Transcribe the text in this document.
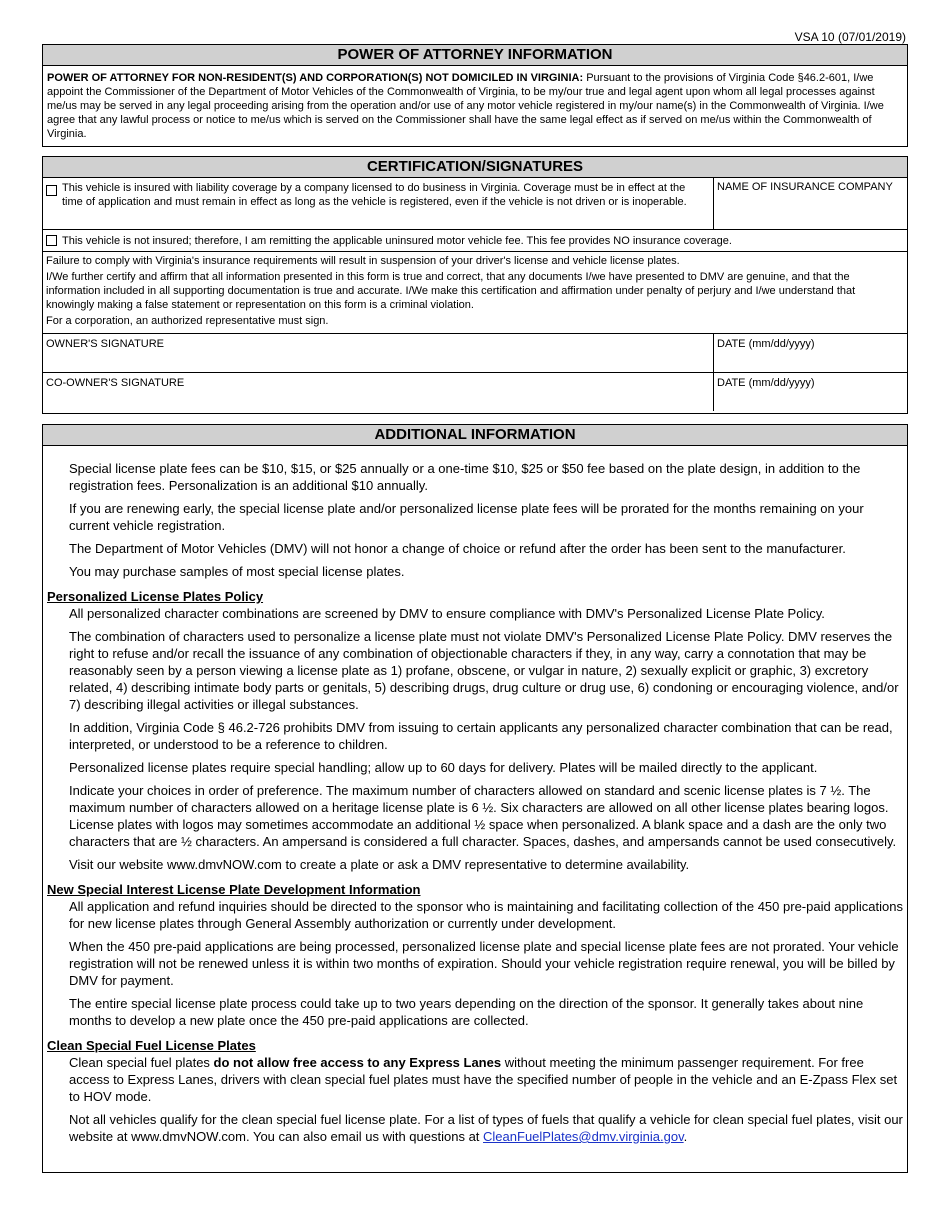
VSA 10 (07/01/2019)
POWER OF ATTORNEY INFORMATION
POWER OF ATTORNEY FOR NON-RESIDENT(S) AND CORPORATION(S) NOT DOMICILED IN VIRGINIA: Pursuant to the provisions of Virginia Code §46.2-601, I/we appoint the Commissioner of the Department of Motor Vehicles of the Commonwealth of Virginia, to be my/our true and legal agent upon whom all legal processes against me/us may be served in any legal proceeding arising from the operation and/or use of any motor vehicle registered in my/our name(s) in the Commonwealth of Virginia. I/we agree that any lawful process or notice to me/us which is served on the Commissioner shall have the same legal effect as if served on me/us within the Commonwealth of Virginia.
CERTIFICATION/SIGNATURES
This vehicle is insured with liability coverage by a company licensed to do business in Virginia. Coverage must be in effect at the time of application and must remain in effect as long as the vehicle is registered, even if the vehicle is not driven or is inoperable.
NAME OF INSURANCE COMPANY
This vehicle is not insured; therefore, I am remitting the applicable uninsured motor vehicle fee. This fee provides NO insurance coverage.

Failure to comply with Virginia's insurance requirements will result in suspension of your driver's license and vehicle license plates.

I/We further certify and affirm that all information presented in this form is true and correct, that any documents I/we have presented to DMV are genuine, and that the information included in all supporting documentation is true and accurate. I/We make this certification and affirmation under penalty of perjury and I/we understand that knowingly making a false statement or representation on this form is a criminal violation.

For a corporation, an authorized representative must sign.

OWNER'S SIGNATURE	DATE (mm/dd/yyyy)
CO-OWNER'S SIGNATURE	DATE (mm/dd/yyyy)
ADDITIONAL INFORMATION

Special license plate fees can be $10, $15, or $25 annually or a one-time $10, $25 or $50 fee based on the plate design, in addition to the registration fees. Personalization is an additional $10 annually.

If you are renewing early, the special license plate and/or personalized license plate fees will be prorated for the months remaining on your current vehicle registration.

The Department of Motor Vehicles (DMV) will not honor a change of choice or refund after the order has been sent to the manufacturer.

You may purchase samples of most special license plates.

Personalized License Plates Policy

All personalized character combinations are screened by DMV to ensure compliance with DMV's Personalized License Plate Policy.

The combination of characters used to personalize a license plate must not violate DMV's Personalized License Plate Policy. DMV reserves the right to refuse and/or recall the issuance of any combination of objectionable characters if they, in any way, carry a connotation that may be reasonably seen by a person viewing a license plate as 1) profane, obscene, or vulgar in nature, 2) sexually explicit or graphic, 3) excretory related, 4) describing intimate body parts or genitals, 5) describing drugs, drug culture or drug use, 6) condoning or encouraging violence, and/or 7) describing illegal activities or illegal substances.

In addition, Virginia Code § 46.2-726 prohibits DMV from issuing to certain applicants any personalized character combination that can be read, interpreted, or understood to be a reference to children.

Personalized license plates require special handling; allow up to 60 days for delivery. Plates will be mailed directly to the applicant.

Indicate your choices in order of preference. The maximum number of characters allowed on standard and scenic license plates is 7 ½. The maximum number of characters allowed on a heritage license plate is 6 ½. Six characters are allowed on all other license plates bearing logos. License plates with logos may sometimes accommodate an additional ½ space when personalized. A blank space and a dash are the only two characters that are ½ characters. An ampersand is considered a full character. Spaces, dashes, and ampersands cannot be used consecutively.

Visit our website www.dmvNOW.com to create a plate or ask a DMV representative to determine availability.

New Special Interest License Plate Development Information

All application and refund inquiries should be directed to the sponsor who is maintaining and facilitating collection of the 450 pre-paid applications for new license plates through General Assembly authorization or currently under development.

When the 450 pre-paid applications are being processed, personalized license plate and special license plate fees are not prorated. Your vehicle registration will not be renewed unless it is within two months of expiration. Should your vehicle registration require renewal, you will be billed by DMV for payment.

The entire special license plate process could take up to two years depending on the direction of the sponsor. It generally takes about nine months to develop a new plate once the 450 pre-paid applications are collected.

Clean Special Fuel License Plates

Clean special fuel plates do not allow free access to any Express Lanes without meeting the minimum passenger requirement. For free access to Express Lanes, drivers with clean special fuel plates must have the specified number of people in the vehicle and an E-Zpass Flex set to HOV mode.

Not all vehicles qualify for the clean special fuel license plate. For a list of types of fuels that qualify a vehicle for clean special fuel plates, visit our website at www.dmvNOW.com. You can also email us with questions at CleanFuelPlates@dmv.virginia.gov.
